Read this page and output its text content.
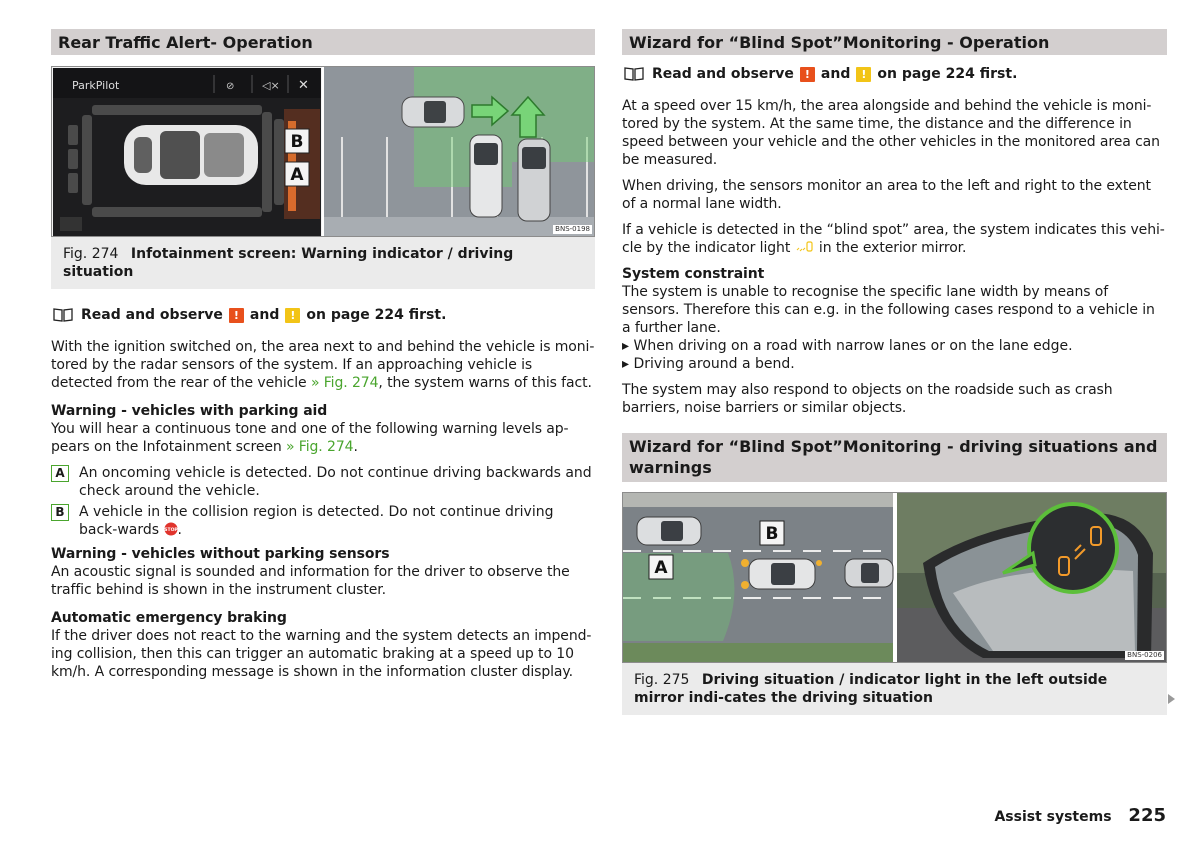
Rear Traffic Alert- Operation
⊘	◁× ✕
B
A
ParkPilot
BNS-0198
Fig. 274 Infotainment screen: Warning indicator / driving situation
Read and observe ! and ! on page 224 first.

With the ignition switched on, the area next to and behind the vehicle is moni-tored by the radar sensors of the system. If an approaching vehicle is detected from the rear of the vehicle » Fig. 274, the system warns of this fact.

Warning - vehicles with parking aid

You will hear a continuous tone and one of the following warning levels ap-pears on the Infotainment screen » Fig. 274.

A	An oncoming vehicle is detected. Do not continue driving backwards and check around the vehicle.
B	A vehicle in the collision region is detected. Do not continue driving back-wards STOP .
Warning - vehicles without parking sensors

An acoustic signal is sounded and information for the driver to observe the traffic behind is shown in the instrument cluster.

Automatic emergency braking

If the driver does not react to the warning and the system detects an impend-ing collision, then this can trigger an automatic braking at a speed up to 10 km/h. A corresponding message is shown in the information cluster display.

Wizard for “Blind Spot”Monitoring - Operation
Read and observe ! and ! on page 224 first.

At a speed over 15 km/h, the area alongside and behind the vehicle is moni-tored by the system. At the same time, the distance and the difference in speed between your vehicle and the other vehicles in the monitored area can be measured.

When driving, the sensors monitor an area to the left and right to the extent of a normal lane width.

If a vehicle is detected in the “blind spot” area, the system indicates this vehi-cle by the indicator light in the exterior mirror.

System constraint

The system is unable to recognise the specific lane width by means of sensors. Therefore this can e.g. in the following cases respond to a vehicle in a further lane.

▸ When driving on a road with narrow lanes or on the lane edge.
▸ Driving around a bend.

The system may also respond to objects on the roadside such as crash barriers, noise barriers or similar objects.

Wizard for “Blind Spot”Monitoring - driving situations and warnings
B
A
BNS-0206
Fig. 275 Driving situation / indicator light in the left outside mirror indi-cates the driving situation
Assist systems 225
